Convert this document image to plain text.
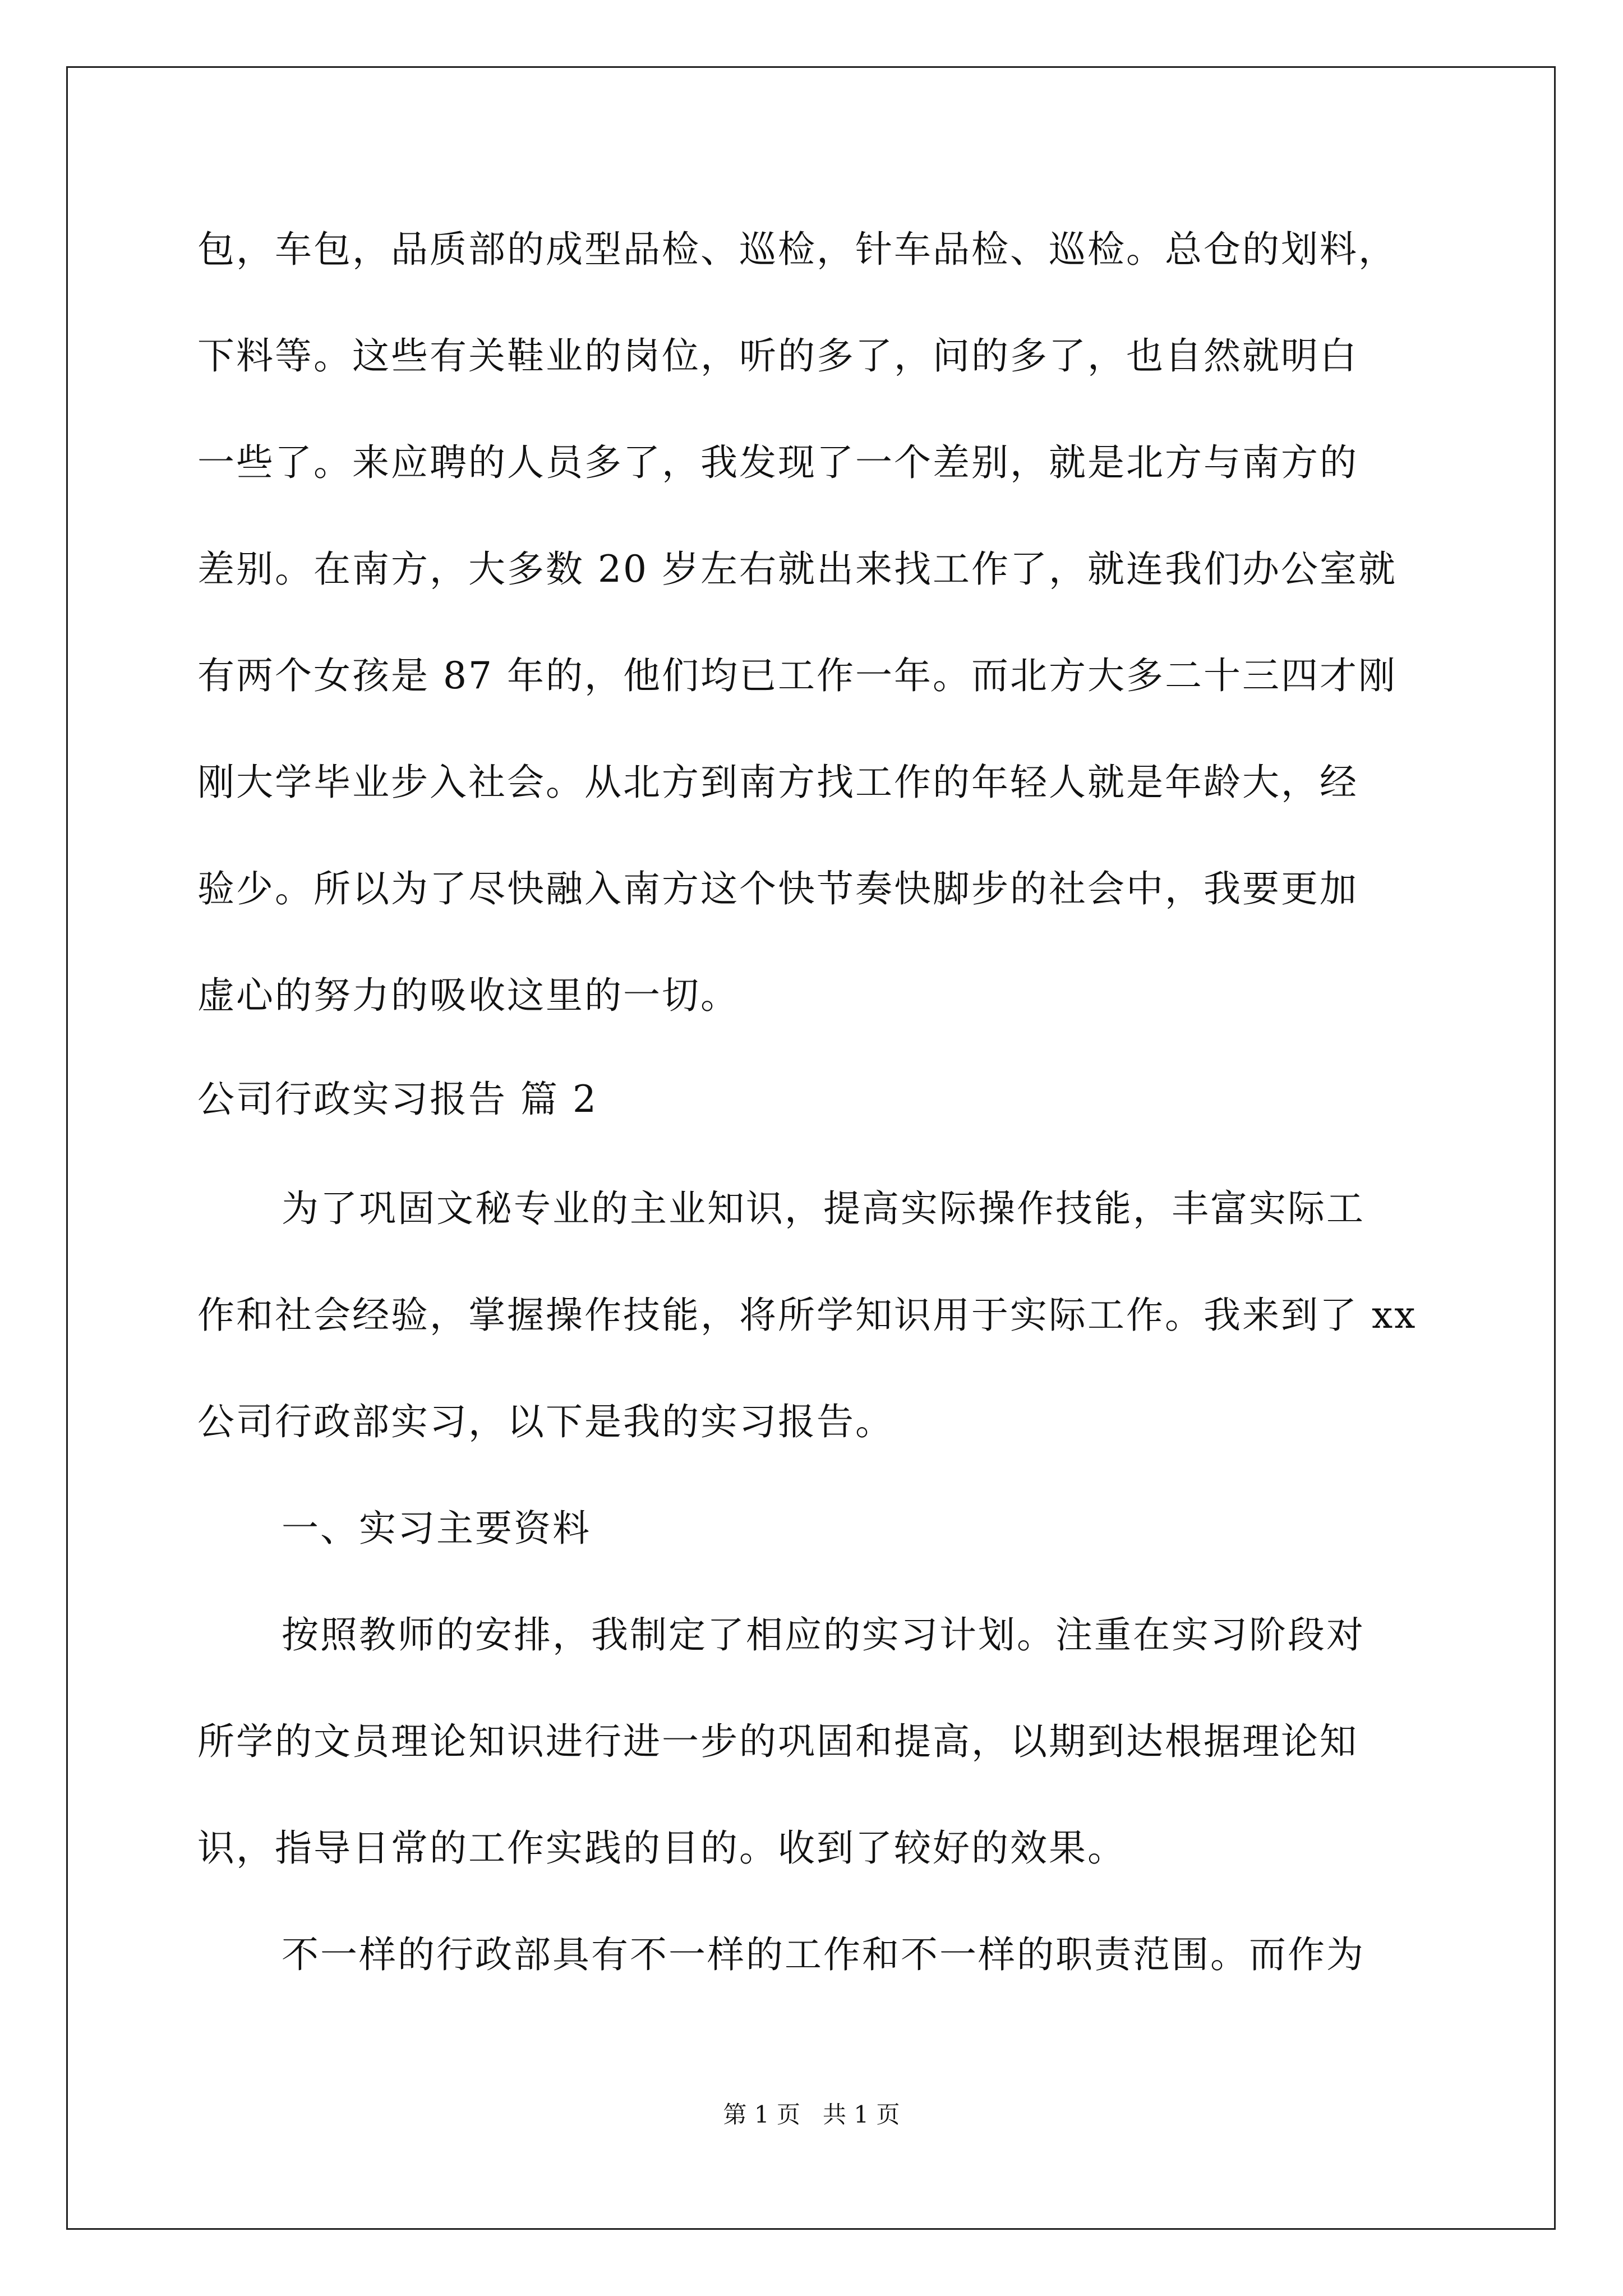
包，车包，品质部的成型品检、巡检，针车品检、巡检。总仓的划料，
下料等。这些有关鞋业的岗位，听的多了，问的多了，也自然就明白
一些了。来应聘的人员多了，我发现了一个差别，就是北方与南方的
差别。在南方，大多数 20 岁左右就出来找工作了，就连我们办公室就
有两个女孩是 87 年的，他们均已工作一年。而北方大多二十三四才刚
刚大学毕业步入社会。从北方到南方找工作的年轻人就是年龄大，经
验少。所以为了尽快融入南方这个快节奏快脚步的社会中，我要更加
虚心的努力的吸收这里的一切。
公司行政实习报告 篇 2
为了巩固文秘专业的主业知识，提高实际操作技能，丰富实际工
作和社会经验，掌握操作技能，将所学知识用于实际工作。我来到了 xx
公司行政部实习，以下是我的实习报告。
一、实习主要资料
按照教师的安排，我制定了相应的实习计划。注重在实习阶段对
所学的文员理论知识进行进一步的巩固和提高，以期到达根据理论知
识，指导日常的工作实践的目的。收到了较好的效果。
不一样的行政部具有不一样的工作和不一样的职责范围。而作为
第 1 页   共 1 页
